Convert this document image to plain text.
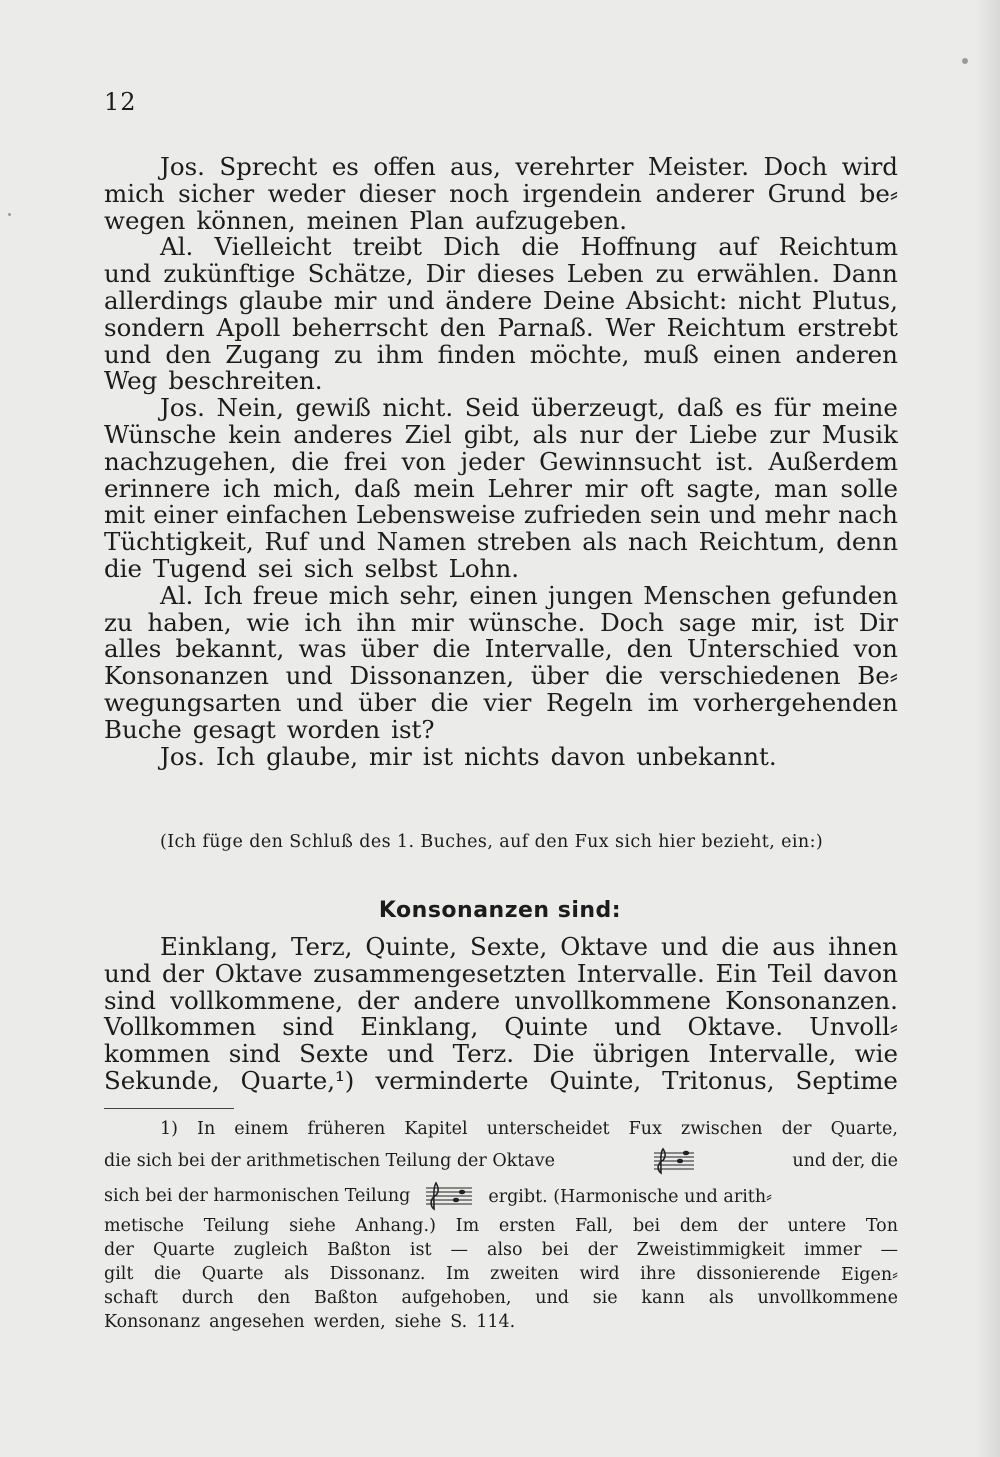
12
Jos. Sprecht es offen aus, verehrter Meister. Doch wird
mich sicher weder dieser noch irgendein anderer Grund be⸗
wegen können, meinen Plan aufzugeben.
Al. Vielleicht treibt Dich die Hoffnung auf Reichtum
und zukünftige Schätze, Dir dieses Leben zu erwählen. Dann
allerdings glaube mir und ändere Deine Absicht: nicht Plutus,
sondern Apoll beherrscht den Parnaß. Wer Reichtum erstrebt
und den Zugang zu ihm finden möchte, muß einen anderen
Weg beschreiten.
Jos. Nein, gewiß nicht. Seid überzeugt, daß es für meine
Wünsche kein anderes Ziel gibt, als nur der Liebe zur Musik
nachzugehen, die frei von jeder Gewinnsucht ist. Außerdem
erinnere ich mich, daß mein Lehrer mir oft sagte, man solle
mit einer einfachen Lebensweise zufrieden sein und mehr nach
Tüchtigkeit, Ruf und Namen streben als nach Reichtum, denn
die Tugend sei sich selbst Lohn.
Al. Ich freue mich sehr, einen jungen Menschen gefunden
zu haben, wie ich ihn mir wünsche. Doch sage mir, ist Dir
alles bekannt, was über die Intervalle, den Unterschied von
Konsonanzen und Dissonanzen, über die verschiedenen Be⸗
wegungsarten und über die vier Regeln im vorhergehenden
Buche gesagt worden ist?
Jos. Ich glaube, mir ist nichts davon unbekannt.
(Ich füge den Schluß des 1. Buches, auf den Fux sich hier bezieht, ein:)
Konsonanzen sind:
Einklang, Terz, Quinte, Sexte, Oktave und die aus ihnen
und der Oktave zusammengesetzten Intervalle. Ein Teil davon
sind vollkommene, der andere unvollkommene Konsonanzen.
Vollkommen sind Einklang, Quinte und Oktave. Unvoll⸗
kommen sind Sexte und Terz. Die übrigen Intervalle, wie
Sekunde, Quarte,¹) verminderte Quinte, Tritonus, Septime
1) In einem früheren Kapitel unterscheidet Fux zwischen der Quarte,
die sich bei der arithmetischen Teilung der Oktave	und der, die
sich bei der harmonischen Teilung	ergibt. (Harmonische und arith⸗
metische Teilung siehe Anhang.) Im ersten Fall, bei dem der untere Ton
der Quarte zugleich Baßton ist — also bei der Zweistimmigkeit immer —
gilt die Quarte als Dissonanz. Im zweiten wird ihre dissonierende Eigen⸗
schaft durch den Baßton aufgehoben, und sie kann als unvollkommene
Konsonanz angesehen werden, siehe S. 114.
